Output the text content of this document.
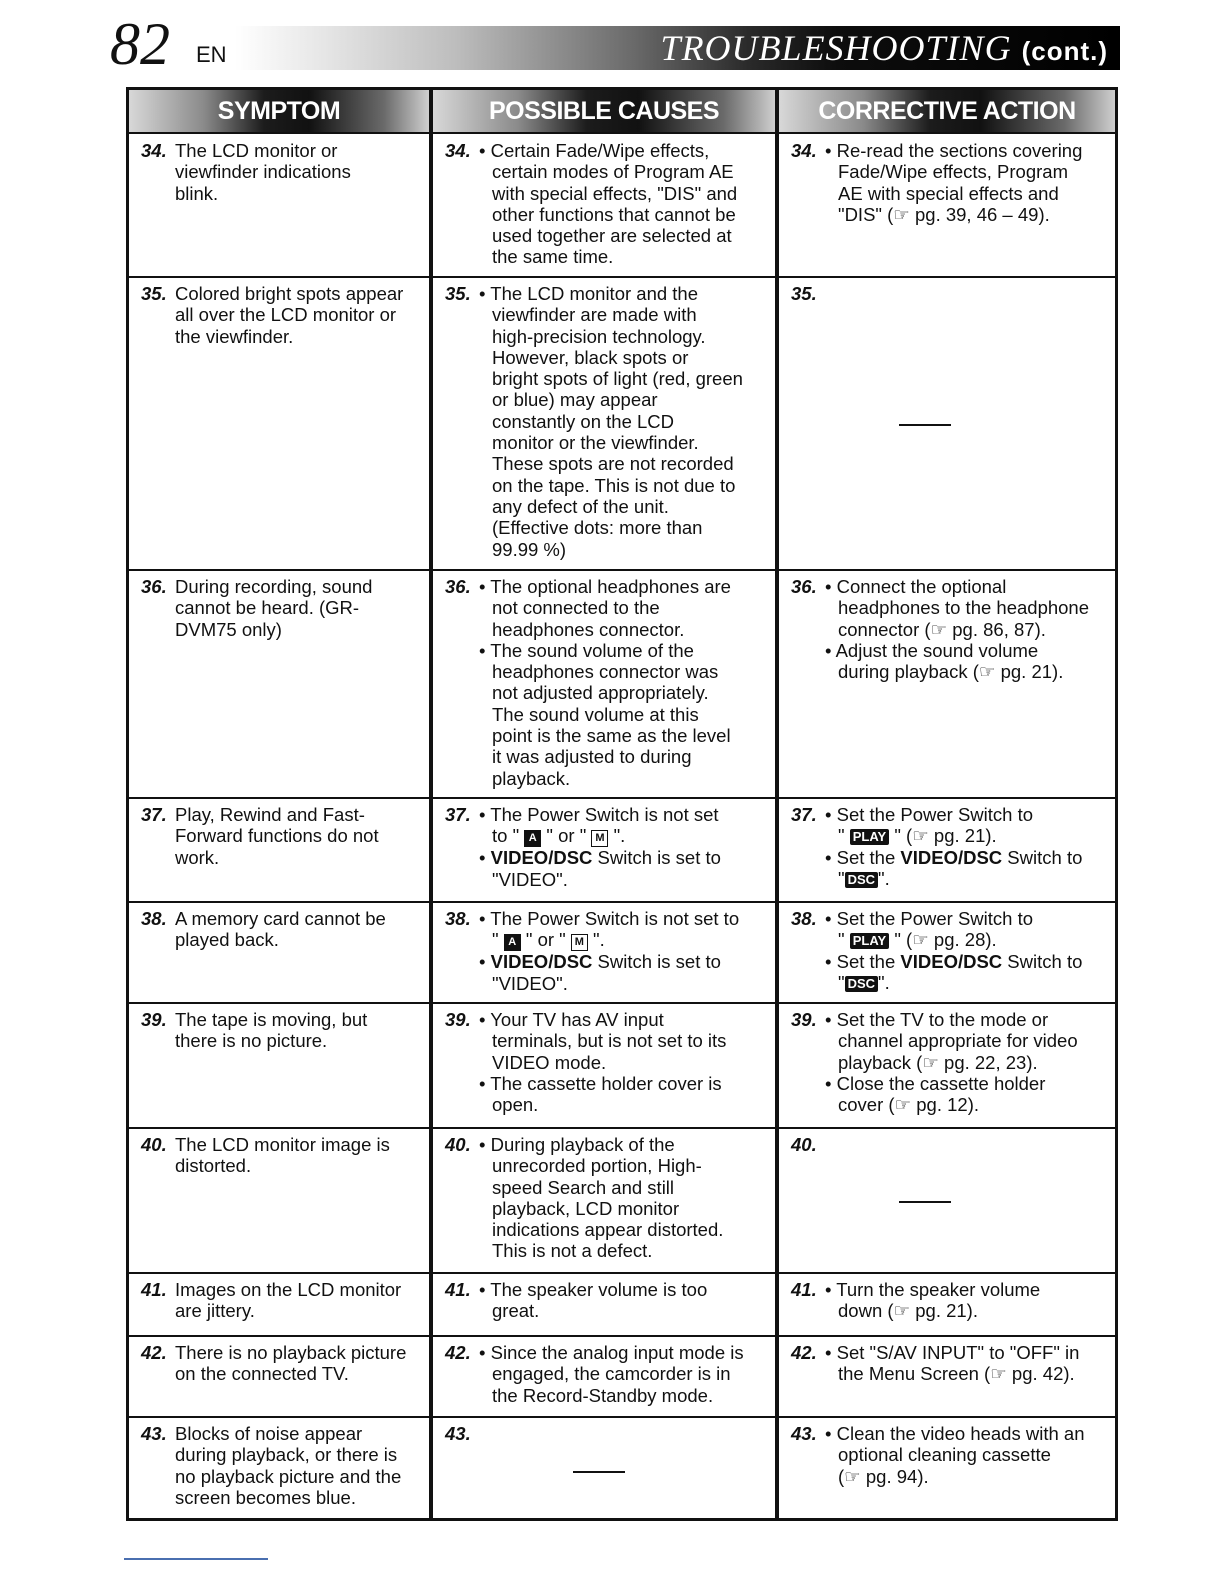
82 EN	TROUBLESHOOTING (cont.)
SYMPTOM
34. The LCD monitor or
viewfinder indications
blink.
35. Colored bright spots appear
all over the LCD monitor or
the viewfinder.
36. During recording, sound
cannot be heard. (GR-
DVM75 only)
37. Play, Rewind and Fast-
Forward functions do not
work.
38. A memory card cannot be
played back.
39. The tape is moving, but
there is no picture.
40. The LCD monitor image is
distorted.
41. Images on the LCD monitor
are jittery.
42. There is no playback picture
on the connected TV.
43. Blocks of noise appear
during playback, or there is
no playback picture and the
screen becomes blue.
POSSIBLE CAUSES
34. • Certain Fade/Wipe effects,
certain modes of Program AE
with special effects, "DIS" and
other functions that cannot be
used together are selected at
the same time.
35. • The LCD monitor and the
viewfinder are made with
high-precision technology.
However, black spots or
bright spots of light (red, green
or blue) may appear
constantly on the LCD
monitor or the viewfinder.
These spots are not recorded
on the tape. This is not due to
any defect of the unit.
(Effective dots: more than
99.99 %)
36. • The optional headphones are
not connected to the
headphones connector.
• The sound volume of the
headphones connector was
not adjusted appropriately.
The sound volume at this
point is the same as the level
it was adjusted to during
playback.
37. • The Power Switch is not set
to " A " or " M ".
• VIDEO/DSC Switch is set to
"VIDEO".
38. • The Power Switch is not set to
" A " or " M ".
• VIDEO/DSC Switch is set to
"VIDEO".
39. • Your TV has AV input
terminals, but is not set to its
VIDEO mode.
• The cassette holder cover is
open.
40. • During playback of the
unrecorded portion, High-
speed Search and still
playback, LCD monitor
indications appear distorted.
This is not a defect.
41. • The speaker volume is too
great.
42. • Since the analog input mode is
engaged, the camcorder is in
the Record-Standby mode.
43.
CORRECTIVE ACTION
34. • Re-read the sections covering
Fade/Wipe effects, Program
AE with special effects and
"DIS" (☞ pg. 39, 46 – 49).
35.
36. • Connect the optional
headphones to the headphone
connector (☞ pg. 86, 87).
• Adjust the sound volume
during playback (☞ pg. 21).
37. • Set the Power Switch to
" PLAY " (☞ pg. 21).
• Set the VIDEO/DSC Switch to
" DSC ".
38. • Set the Power Switch to
" PLAY " (☞ pg. 28).
• Set the VIDEO/DSC Switch to
" DSC ".
39. • Set the TV to the mode or
channel appropriate for video
playback (☞ pg. 22, 23).
• Close the cassette holder
cover (☞ pg. 12).
40.
41. • Turn the speaker volume
down (☞ pg. 21).
42. • Set "S/AV INPUT" to "OFF" in
the Menu Screen (☞ pg. 42).
43. • Clean the video heads with an
optional cleaning cassette
(☞ pg. 94).
